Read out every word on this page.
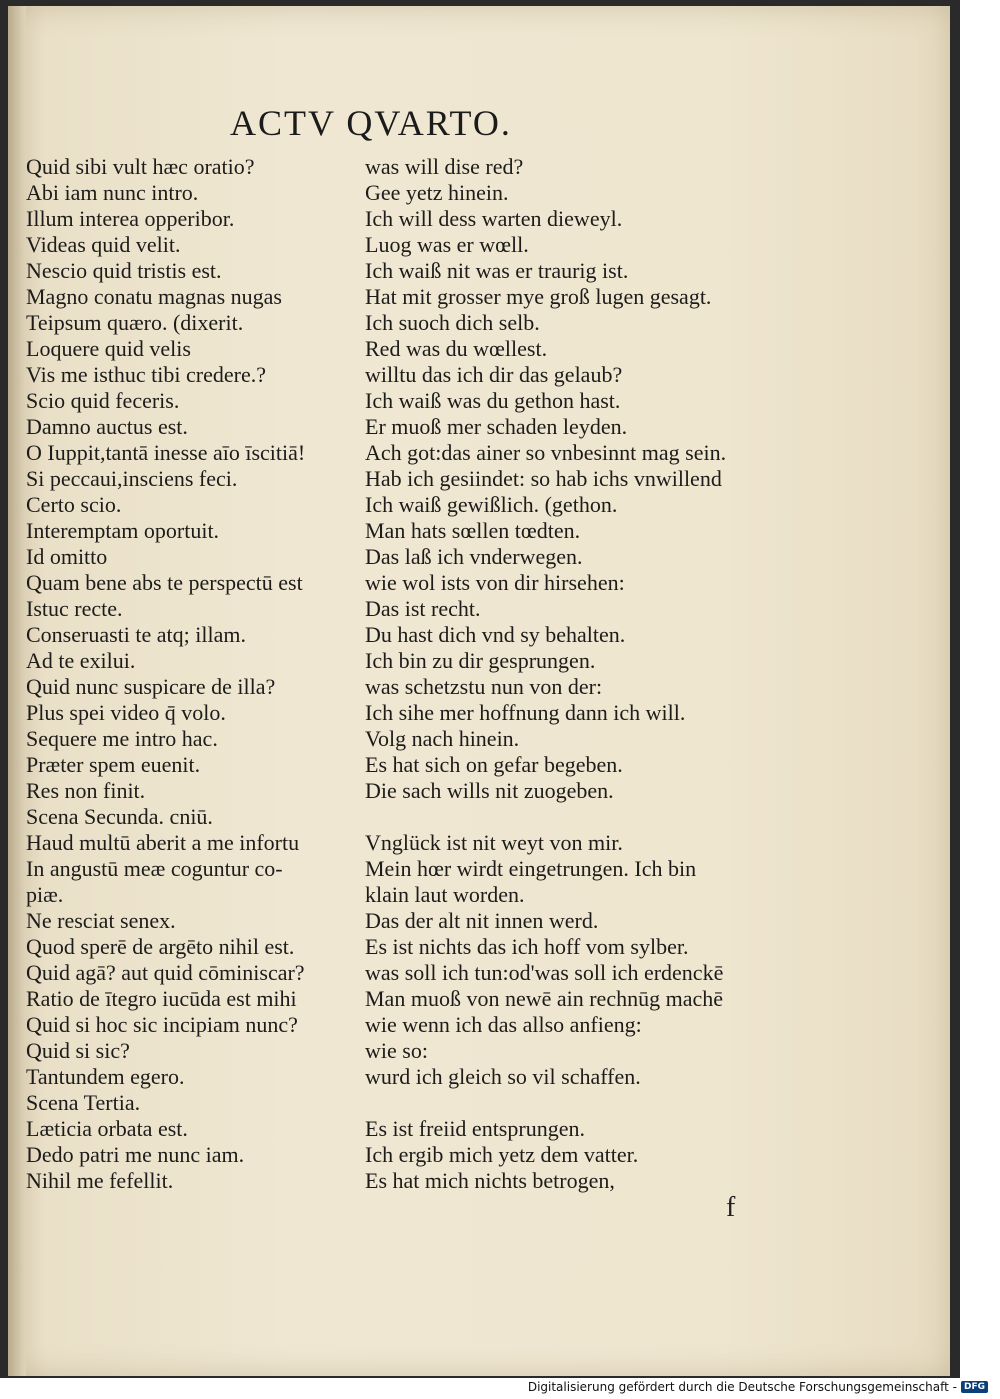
ACTV QVARTO.
Quid sibi vult hæc oratio?
Abi iam nunc intro.
Illum interea opperibor.
Videas quid velit.
Nescio quid tristis est.
Magno conatu magnas nugas
Teipsum quæro. (dixerit.
Loquere quid velis
Vis me isthuc tibi credere.?
Scio quid feceris.
Damno auctus est.
O Iuppit,tantā inesse aīo īscitiā!
Si peccaui,insciens feci.
Certo scio.
Interemptam oportuit.
Id omitto
Quam bene abs te perspectū est
Istuc recte.
Conseruasti te atq; illam.
Ad te exilui.
Quid nunc suspicare de illa?
Plus spei video q̄ volo.
Sequere me intro hac.
Præter spem euenit.
Res non finit.
Scena Secunda. cniū.
Haud multū aberit a me infortu
In angustū meæ coguntur co-
piæ.
Ne resciat senex.
Quod sperē de argēto nihil est.
Quid agā? aut quid cōminiscar?
Ratio de ītegro iucūda est mihi
Quid si hoc sic incipiam nunc?
Quid si sic?
Tantundem egero.
Scena Tertia.
Læticia orbata est.
Dedo patri me nunc iam.
Nihil me fefellit.
was will dise red?
Gee yetz hinein.
Ich will dess warten dieweyl.
Luog was er wœll.
Ich waiß nit was er traurig ist.
Hat mit grosser mye groß lugen gesagt.
Ich suoch dich selb.
Red was du wœllest.
willtu das ich dir das gelaub?
Ich waiß was du gethon hast.
Er muoß mer schaden leyden.
Ach got:das ainer so vnbesinnt mag sein.
Hab ich gesiindet: so hab ichs vnwillend
Ich waiß gewißlich. (gethon.
Man hats sœllen tœdten.
Das laß ich vnderwegen.
wie wol ists von dir hirsehen:
Das ist recht.
Du hast dich vnd sy behalten.
Ich bin zu dir gesprungen.
was schetzstu nun von der:
Ich sihe mer hoffnung dann ich will.
Volg nach hinein.
Es hat sich on gefar begeben.
Die sach wills nit zuogeben.
Vnglück ist nit weyt von mir.
Mein hœr wirdt eingetrungen. Ich bin
klain laut worden.
Das der alt nit innen werd.
Es ist nichts das ich hoff vom sylber.
was soll ich tun:od'was soll ich erdenckē
Man muoß von newē ain rechnūg machē
wie wenn ich das allso anfieng:
wie so:
wurd ich gleich so vil schaffen.
Es ist freiid entsprungen.
Ich ergib mich yetz dem vatter.
Es hat mich nichts betrogen,
f
Digitalisierung gefördert durch die Deutsche Forschungsgemeinschaft - DFG
